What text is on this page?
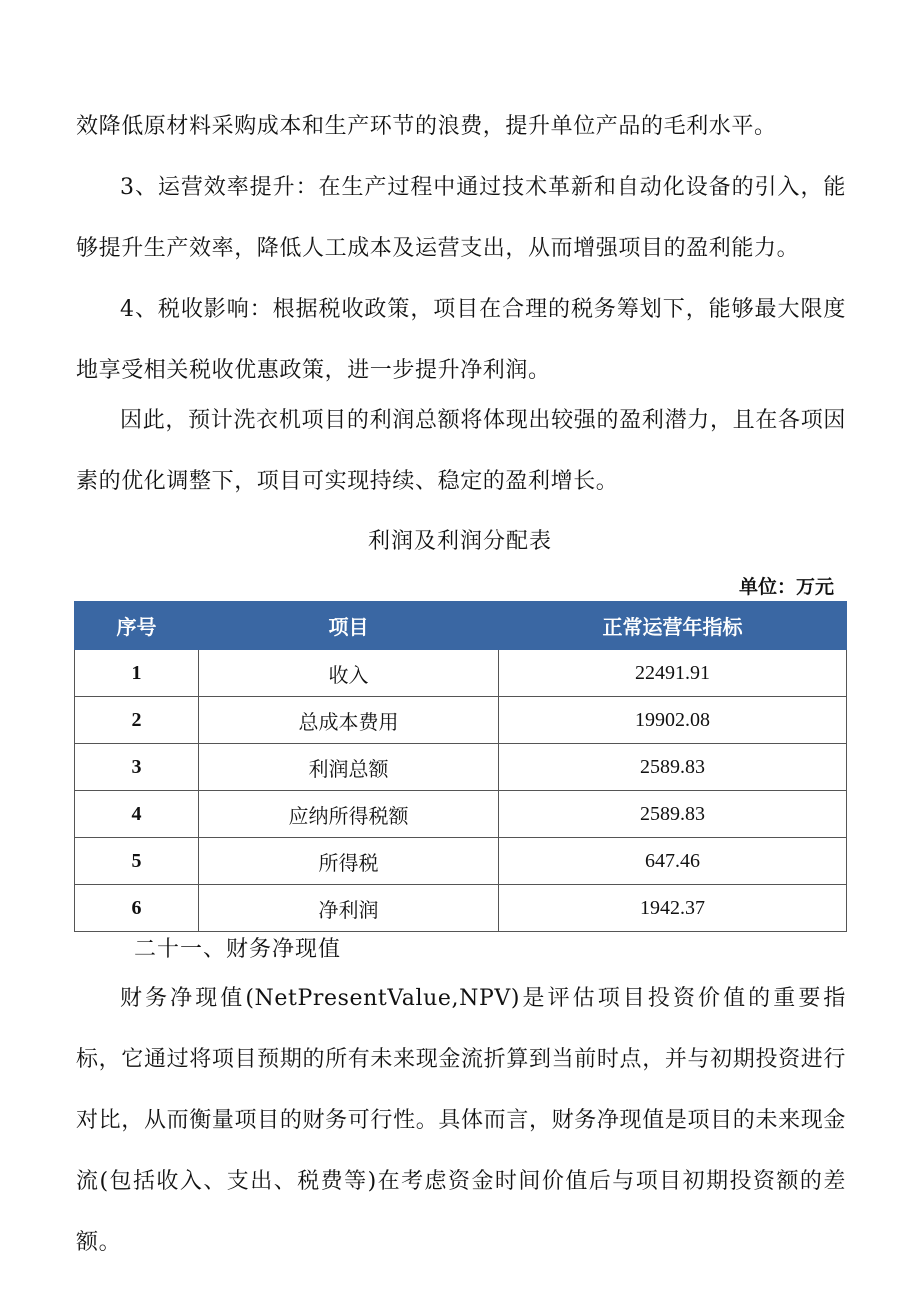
效降低原材料采购成本和生产环节的浪费，提升单位产品的毛利水平。

3、运营效率提升：在生产过程中通过技术革新和自动化设备的引入，能够提升生产效率，降低人工成本及运营支出，从而增强项目的盈利能力。

4、税收影响：根据税收政策，项目在合理的税务筹划下，能够最大限度地享受相关税收优惠政策，进一步提升净利润。

因此，预计洗衣机项目的利润总额将体现出较强的盈利潜力，且在各项因素的优化调整下，项目可实现持续、稳定的盈利增长。

利润及利润分配表
单位：万元
序号	项目	正常运营年指标
1	收入	22491.91
2	总成本费用	19902.08
3	利润总额	2589.83
4	应纳所得税额	2589.83
5	所得税	647.46
6	净利润	1942.37
二十一、财务净现值

财务净现值(NetPresentValue,NPV)是评估项目投资价值的重要指标，它通过将项目预期的所有未来现金流折算到当前时点，并与初期投资进行对比，从而衡量项目的财务可行性。具体而言，财务净现值是项目的未来现金流(包括收入、支出、税费等)在考虑资金时间价值后与项目初期投资额的差额。
